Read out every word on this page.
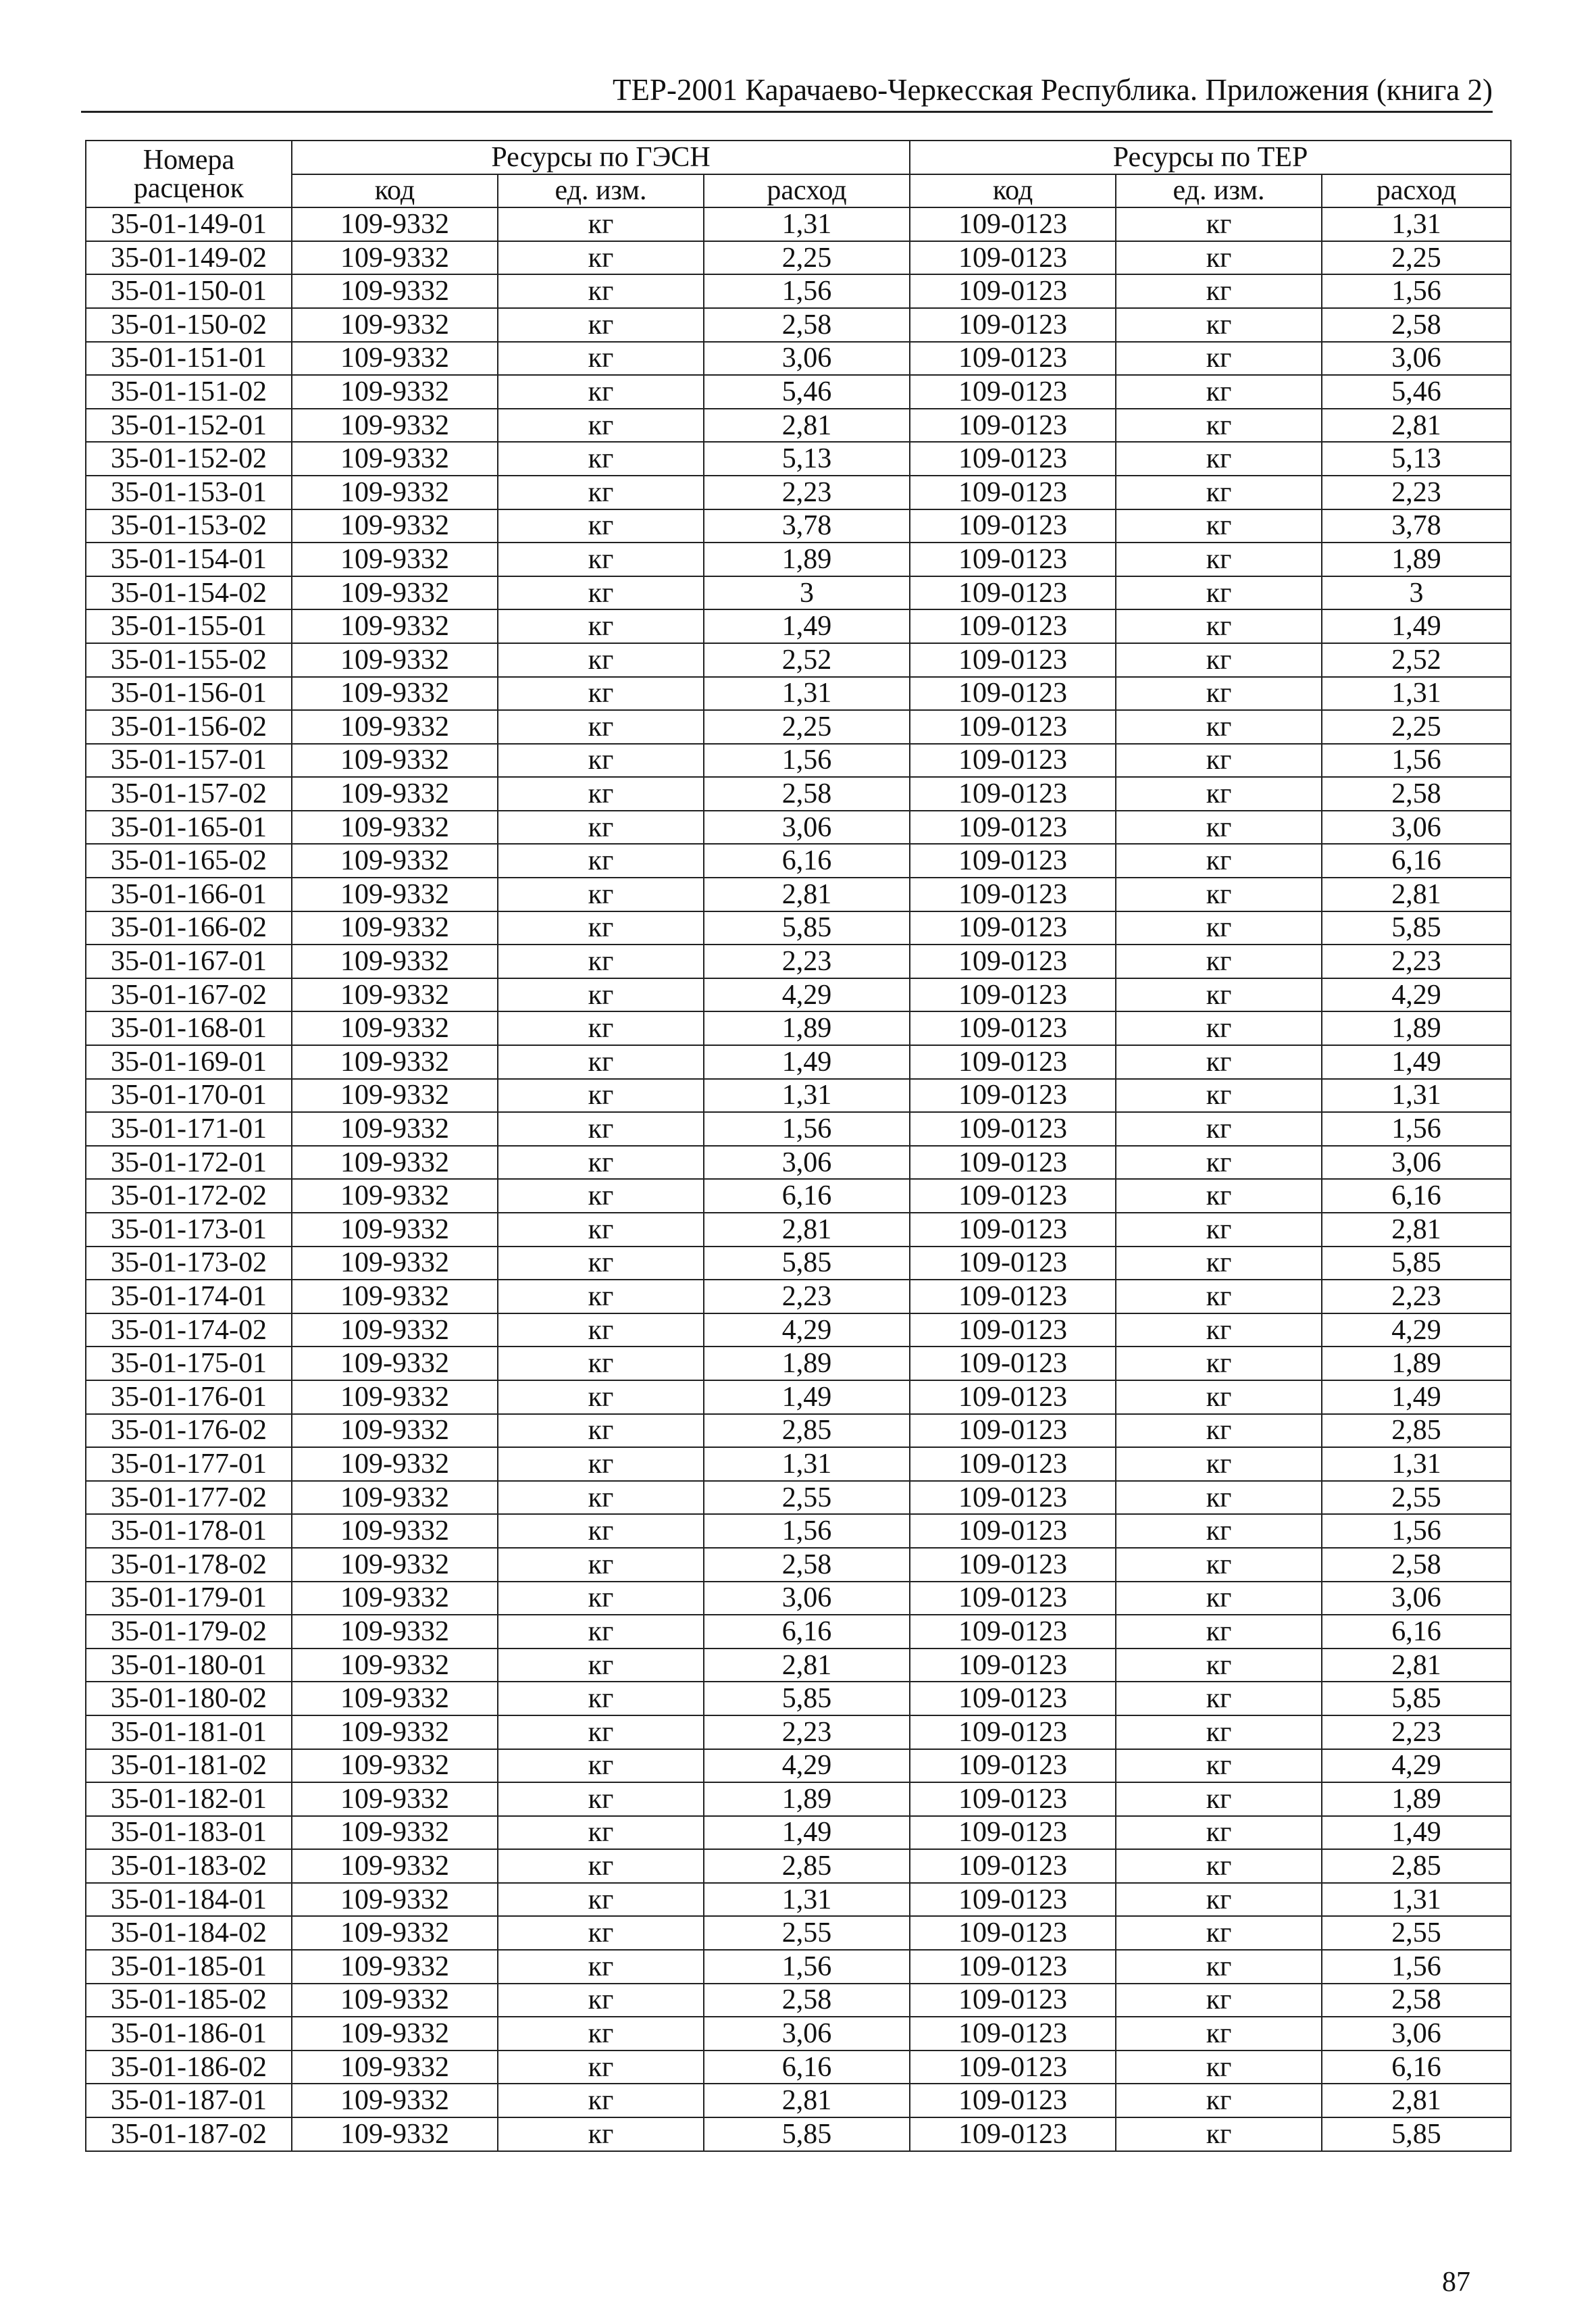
ТЕР-2001 Карачаево-Черкесская Республика. Приложения (книга 2)
Номера расценок	Ресурсы по ГЭСН			Ресурсы по ТЕР		
	код	ед. изм.	расход	код	ед. изм.	расход
35-01-149-01	109-9332	кг	1,31	109-0123	кг	1,31
35-01-149-02	109-9332	кг	2,25	109-0123	кг	2,25
35-01-150-01	109-9332	кг	1,56	109-0123	кг	1,56
35-01-150-02	109-9332	кг	2,58	109-0123	кг	2,58
35-01-151-01	109-9332	кг	3,06	109-0123	кг	3,06
35-01-151-02	109-9332	кг	5,46	109-0123	кг	5,46
35-01-152-01	109-9332	кг	2,81	109-0123	кг	2,81
35-01-152-02	109-9332	кг	5,13	109-0123	кг	5,13
35-01-153-01	109-9332	кг	2,23	109-0123	кг	2,23
35-01-153-02	109-9332	кг	3,78	109-0123	кг	3,78
35-01-154-01	109-9332	кг	1,89	109-0123	кг	1,89
35-01-154-02	109-9332	кг	3	109-0123	кг	3
35-01-155-01	109-9332	кг	1,49	109-0123	кг	1,49
35-01-155-02	109-9332	кг	2,52	109-0123	кг	2,52
35-01-156-01	109-9332	кг	1,31	109-0123	кг	1,31
35-01-156-02	109-9332	кг	2,25	109-0123	кг	2,25
35-01-157-01	109-9332	кг	1,56	109-0123	кг	1,56
35-01-157-02	109-9332	кг	2,58	109-0123	кг	2,58
35-01-165-01	109-9332	кг	3,06	109-0123	кг	3,06
35-01-165-02	109-9332	кг	6,16	109-0123	кг	6,16
35-01-166-01	109-9332	кг	2,81	109-0123	кг	2,81
35-01-166-02	109-9332	кг	5,85	109-0123	кг	5,85
35-01-167-01	109-9332	кг	2,23	109-0123	кг	2,23
35-01-167-02	109-9332	кг	4,29	109-0123	кг	4,29
35-01-168-01	109-9332	кг	1,89	109-0123	кг	1,89
35-01-169-01	109-9332	кг	1,49	109-0123	кг	1,49
35-01-170-01	109-9332	кг	1,31	109-0123	кг	1,31
35-01-171-01	109-9332	кг	1,56	109-0123	кг	1,56
35-01-172-01	109-9332	кг	3,06	109-0123	кг	3,06
35-01-172-02	109-9332	кг	6,16	109-0123	кг	6,16
35-01-173-01	109-9332	кг	2,81	109-0123	кг	2,81
35-01-173-02	109-9332	кг	5,85	109-0123	кг	5,85
35-01-174-01	109-9332	кг	2,23	109-0123	кг	2,23
35-01-174-02	109-9332	кг	4,29	109-0123	кг	4,29
35-01-175-01	109-9332	кг	1,89	109-0123	кг	1,89
35-01-176-01	109-9332	кг	1,49	109-0123	кг	1,49
35-01-176-02	109-9332	кг	2,85	109-0123	кг	2,85
35-01-177-01	109-9332	кг	1,31	109-0123	кг	1,31
35-01-177-02	109-9332	кг	2,55	109-0123	кг	2,55
35-01-178-01	109-9332	кг	1,56	109-0123	кг	1,56
35-01-178-02	109-9332	кг	2,58	109-0123	кг	2,58
35-01-179-01	109-9332	кг	3,06	109-0123	кг	3,06
35-01-179-02	109-9332	кг	6,16	109-0123	кг	6,16
35-01-180-01	109-9332	кг	2,81	109-0123	кг	2,81
35-01-180-02	109-9332	кг	5,85	109-0123	кг	5,85
35-01-181-01	109-9332	кг	2,23	109-0123	кг	2,23
35-01-181-02	109-9332	кг	4,29	109-0123	кг	4,29
35-01-182-01	109-9332	кг	1,89	109-0123	кг	1,89
35-01-183-01	109-9332	кг	1,49	109-0123	кг	1,49
35-01-183-02	109-9332	кг	2,85	109-0123	кг	2,85
35-01-184-01	109-9332	кг	1,31	109-0123	кг	1,31
35-01-184-02	109-9332	кг	2,55	109-0123	кг	2,55
35-01-185-01	109-9332	кг	1,56	109-0123	кг	1,56
35-01-185-02	109-9332	кг	2,58	109-0123	кг	2,58
35-01-186-01	109-9332	кг	3,06	109-0123	кг	3,06
35-01-186-02	109-9332	кг	6,16	109-0123	кг	6,16
35-01-187-01	109-9332	кг	2,81	109-0123	кг	2,81
35-01-187-02	109-9332	кг	5,85	109-0123	кг	5,85
87
